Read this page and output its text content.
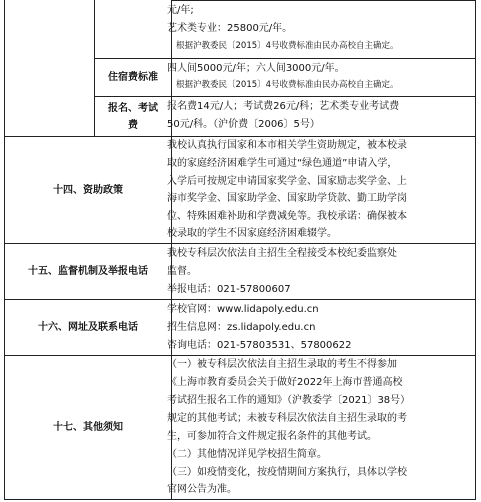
住宿费标准
报名、考试
费
十四、资助政策
十五、监督机制及举报电话
十六、网址及联系电话
十七、其他须知
元/年;
艺术类专业：25800元/年。
根据沪教委民〔2015〕4号收费标准由民办高校自主确定。
四人间5000元/年；六人间3000元/年。
根据沪教委民〔2015〕4号收费标准由民办高校自主确定。
报名费14元/人；考试费26元/科；艺术类专业考试费
50元/科。（沪价费〔2006〕5号）
我校认真执行国家和本市相关学生资助规定，被本校录
取的家庭经济困难学生可通过“绿色通道”申请入学，
入学后可按规定申请国家奖学金、国家励志奖学金、上
海市奖学金、国家助学金、国家助学贷款、勤工助学岗
位、特殊困难补助和学费减免等。我校承诺：确保被本
校录取的学生不因家庭经济困难辍学。
我校专科层次依法自主招生全程接受本校纪委监察处
监督。
举报电话：021-57800607
学校官网：www.lidapoly.edu.cn
招生信息网：zs.lidapoly.edu.cn
咨询电话：021-57803531、57800622
（一）被专科层次依法自主招生录取的考生不得参加
《上海市教育委员会关于做好2022年上海市普通高校
考试招生报名工作的通知》（沪教委学〔2021〕38号）
规定的其他考试；未被专科层次依法自主招生录取的考
生，可参加符合文件规定报名条件的其他考试。
（二）其他情况详见学校招生简章。
（三）如疫情变化，按疫情期间方案执行，具体以学校
官网公告为准。
